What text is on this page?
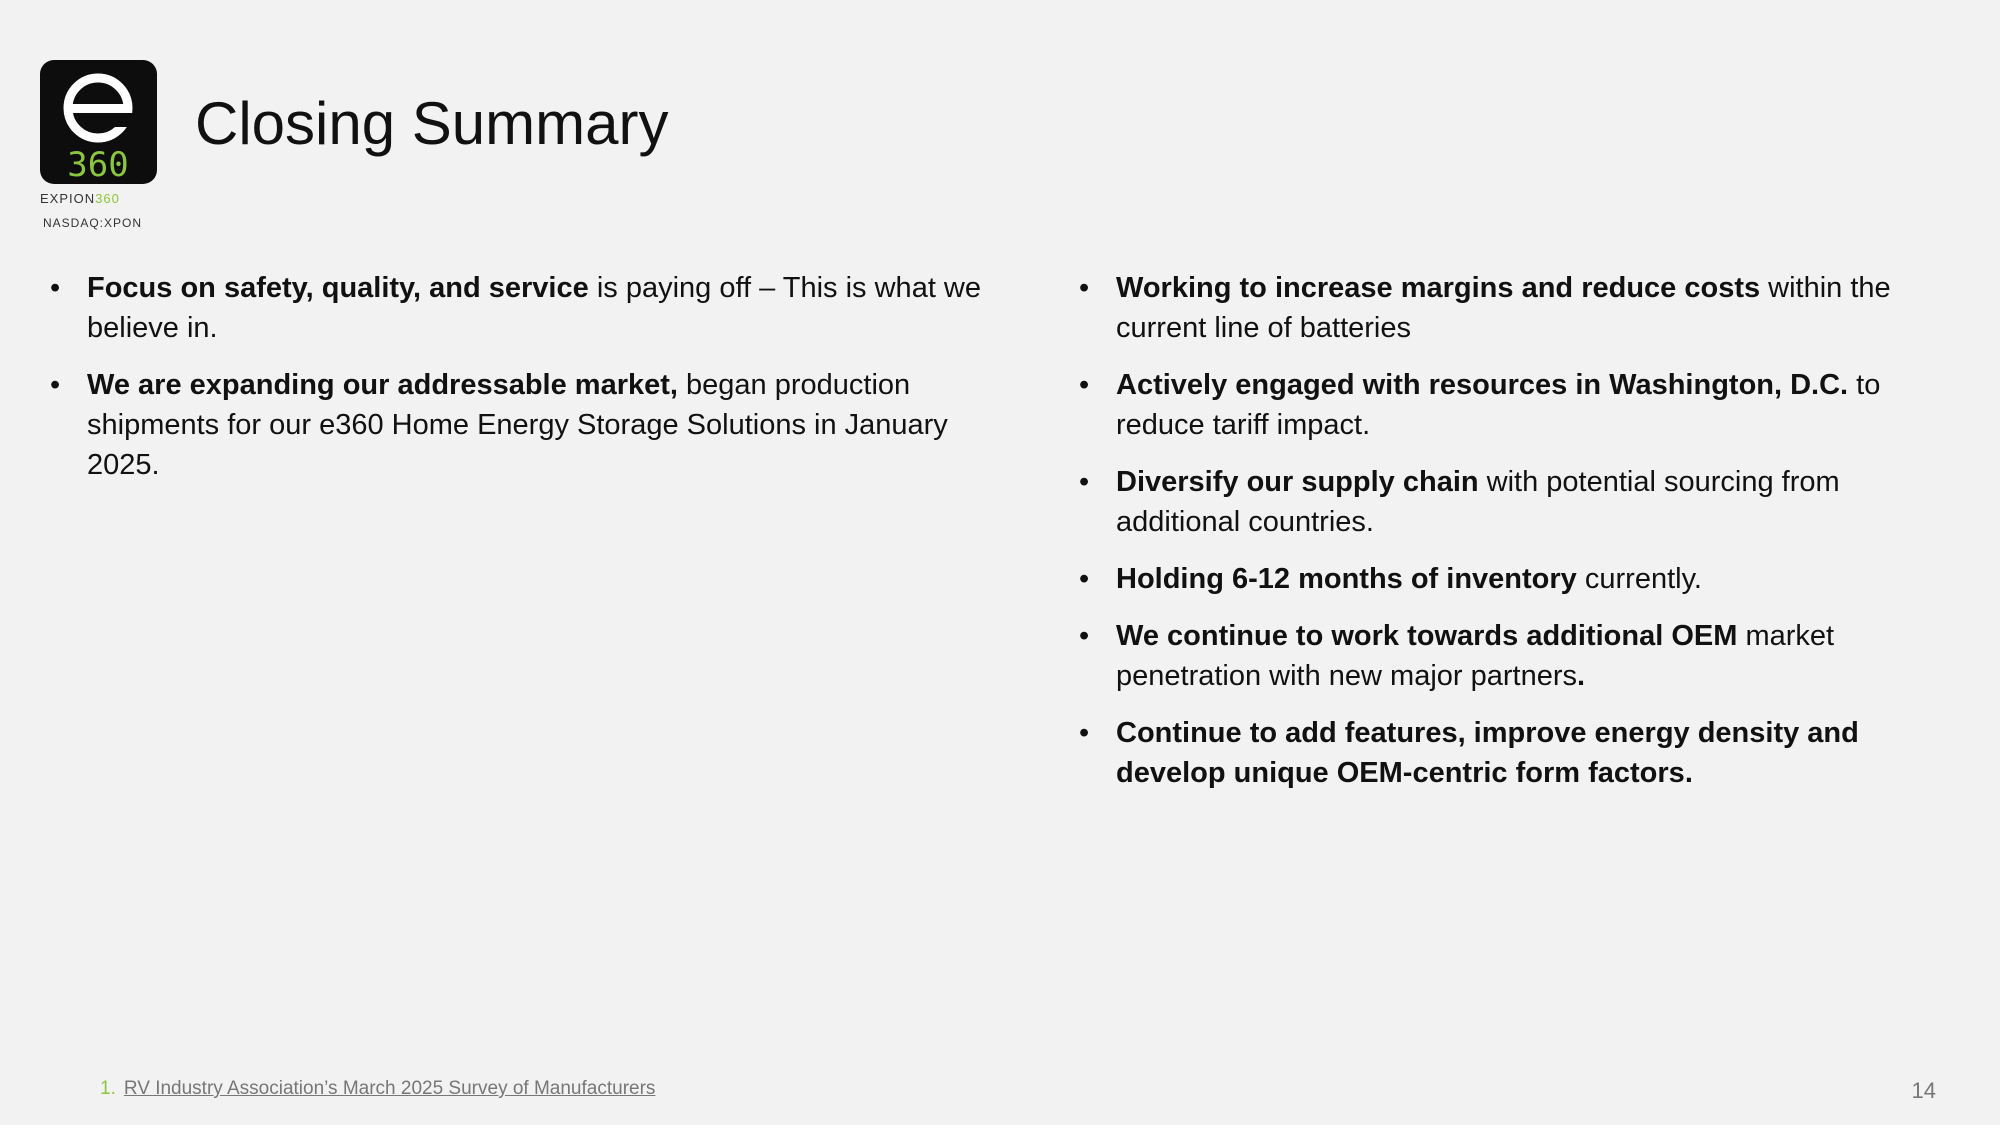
360
EXPION360
NASDAQ:XPON
Closing Summary
• Focus on safety, quality, and service is paying off – This is what we believe in.
• We are expanding our addressable market, began production shipments for our e360 Home Energy Storage Solutions in January 2025.
• Working to increase margins and reduce costs within the current line of batteries
• Actively engaged with resources in Washington, D.C. to reduce tariff impact.
• Diversify our supply chain with potential sourcing from additional countries.
• Holding 6-12 months of inventory currently.
• We continue to work towards additional OEM market penetration with new major partners.
• Continue to add features, improve energy density and develop unique OEM-centric form factors.
1. RV Industry Association’s March 2025 Survey of Manufacturers	14
